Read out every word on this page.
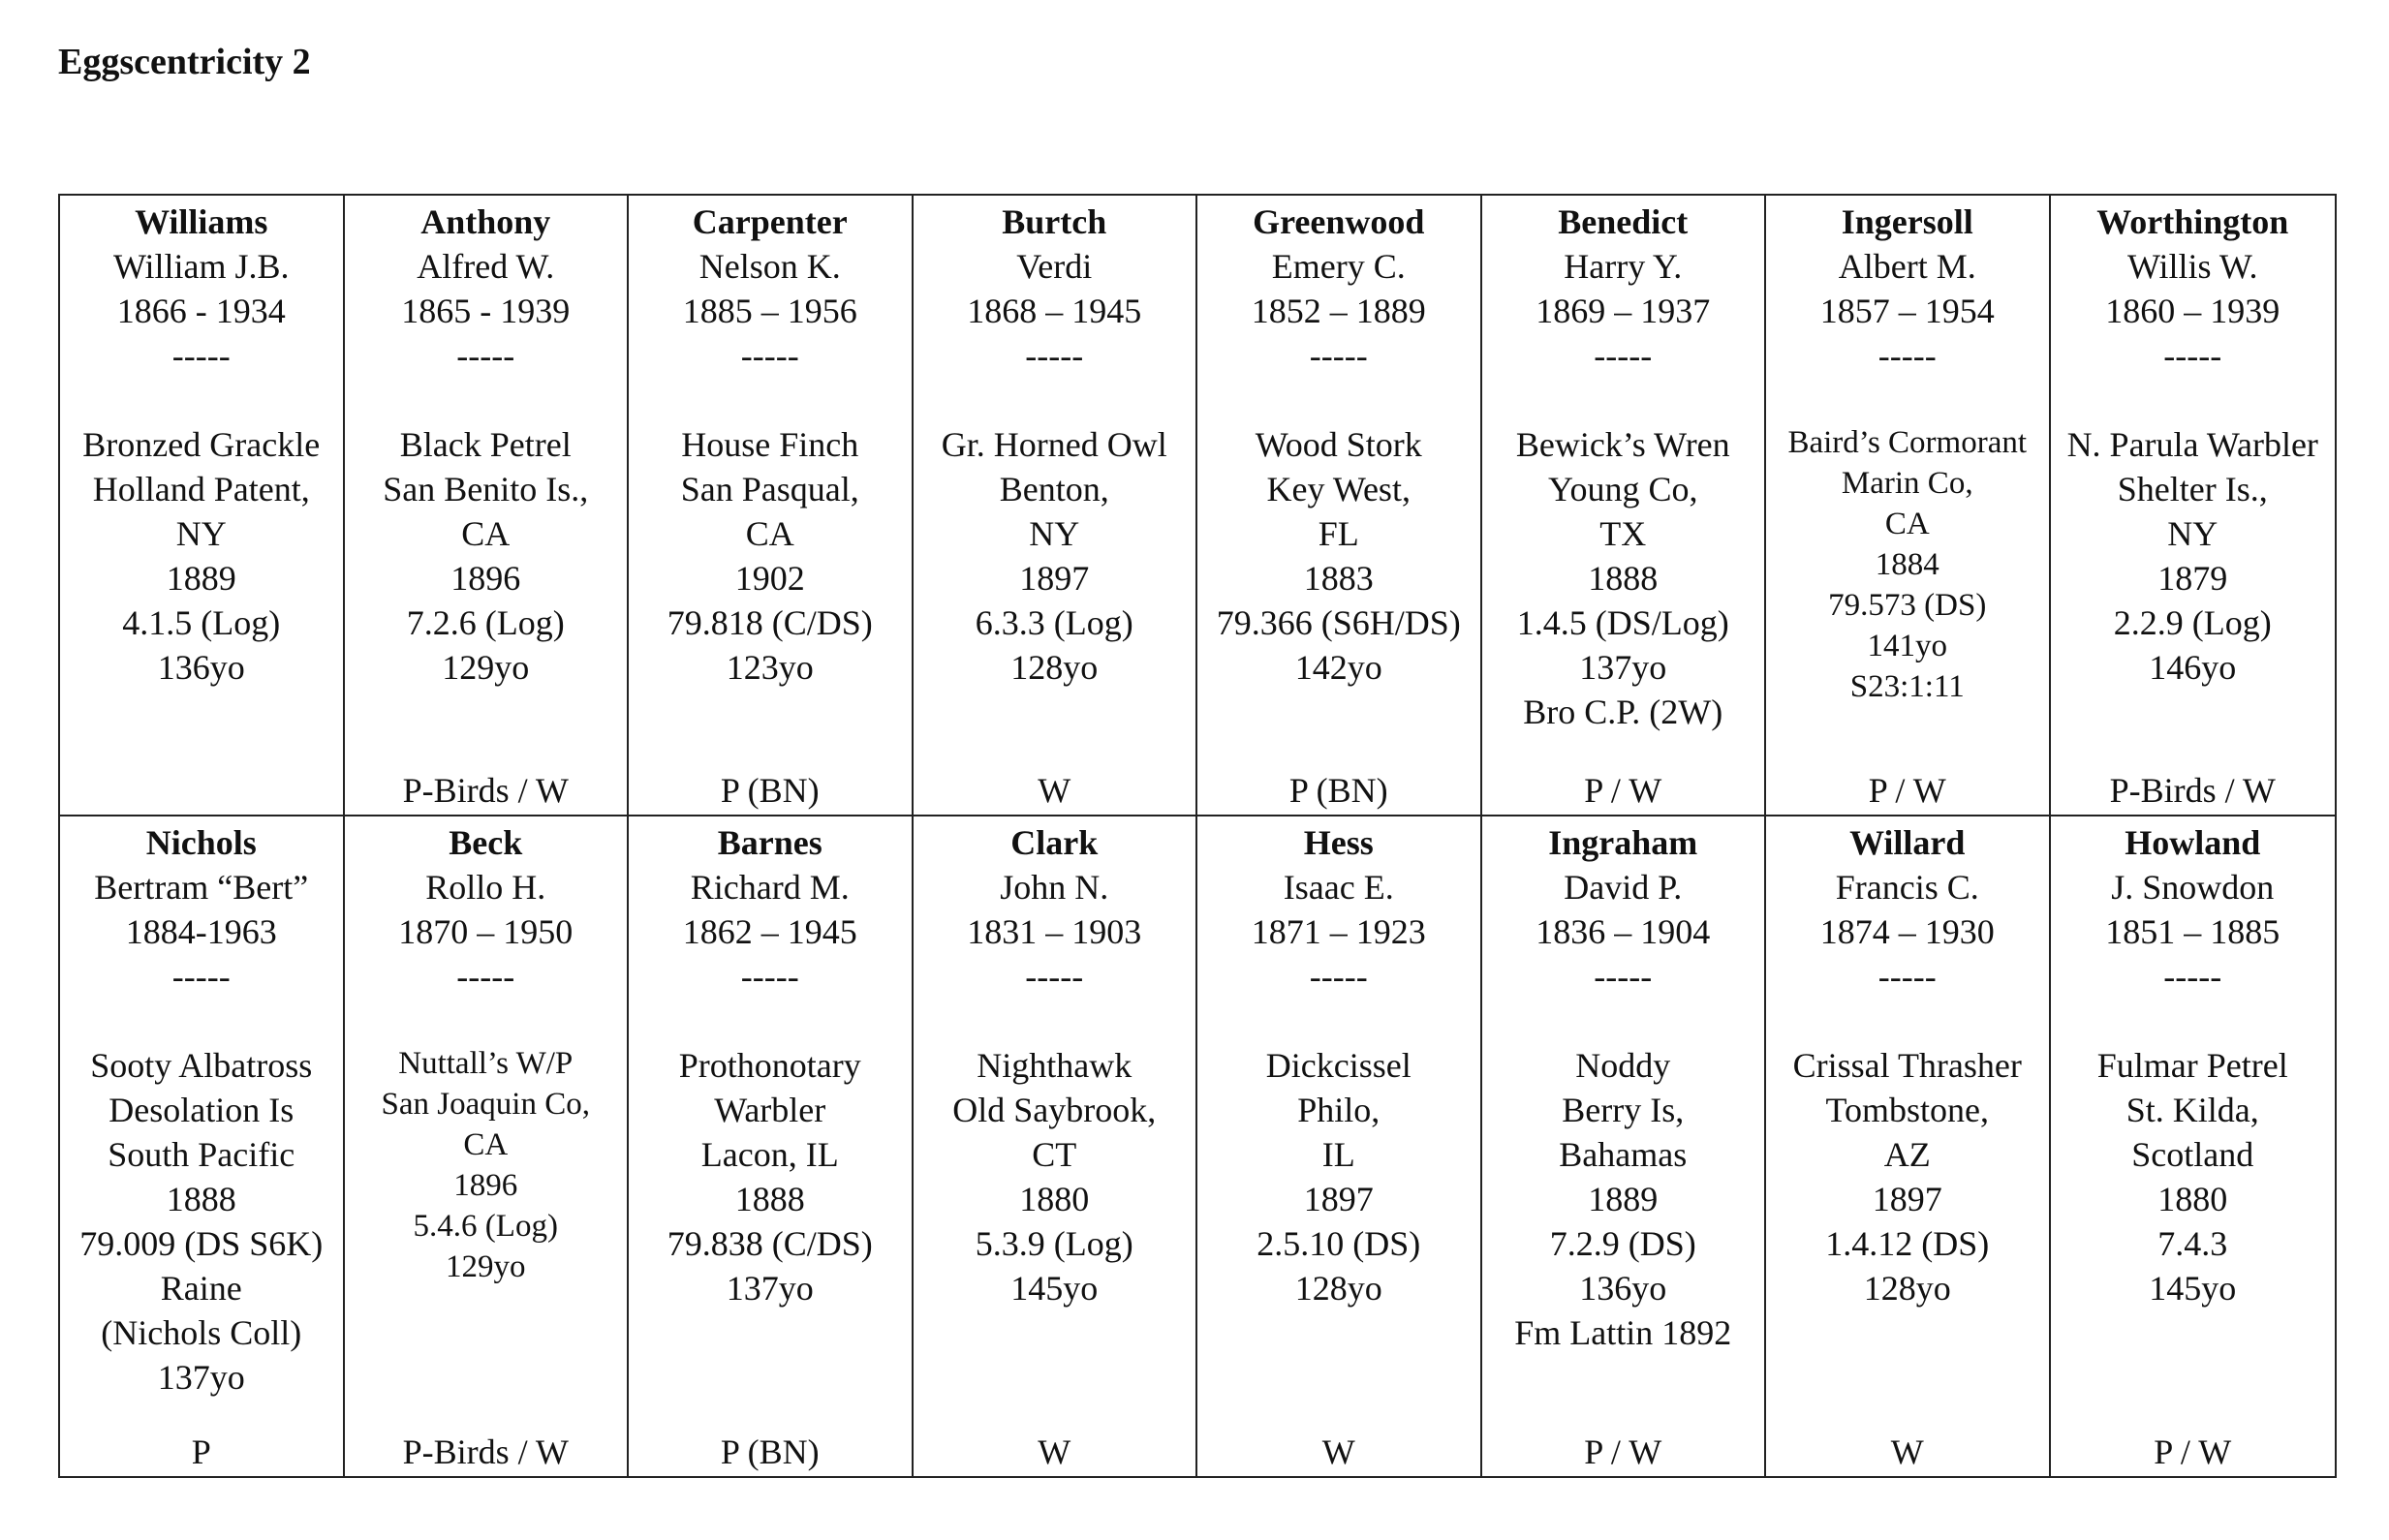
Eggscentricity 2
Williams
William J.B.
1866 - 1934
-----
Bronzed Grackle
Holland Patent,
NY
1889
4.1.5 (Log)
136yo
Anthony
Alfred W.
1865 - 1939
-----
Black Petrel
San Benito Is.,
CA
1896
7.2.6 (Log)
129yo
P-Birds / W
Carpenter
Nelson K.
1885 – 1956
-----
House Finch
San Pasqual,
CA
1902
79.818 (C/DS)
123yo
P (BN)
Burtch
Verdi
1868 – 1945
-----
Gr. Horned Owl
Benton,
NY
1897
6.3.3 (Log)
128yo
W
Greenwood
Emery C.
1852 – 1889
-----
Wood Stork
Key West,
FL
1883
79.366 (S6H/DS)
142yo
P (BN)
Benedict
Harry Y.
1869 – 1937
-----
Bewick’s Wren
Young Co,
TX
1888
1.4.5 (DS/Log)
137yo
Bro C.P. (2W)
P / W
Ingersoll
Albert M.
1857 – 1954
-----
Baird’s Cormorant
Marin Co,
CA
1884
79.573 (DS)
141yo
S23:1:11
P / W
Worthington
Willis W.
1860 – 1939
-----
N. Parula Warbler
Shelter Is.,
NY
1879
2.2.9 (Log)
146yo
P-Birds / W
Nichols
Bertram “Bert”
1884-1963
-----
Sooty Albatross
Desolation Is
South Pacific
1888
79.009 (DS S6K)
Raine
(Nichols Coll)
137yo
P
Beck
Rollo H.
1870 – 1950
-----
Nuttall’s W/P
San Joaquin Co,
CA
1896
5.4.6 (Log)
129yo
P-Birds / W
Barnes
Richard M.
1862 – 1945
-----
Prothonotary
Warbler
Lacon, IL
1888
79.838 (C/DS)
137yo
P (BN)
Clark
John N.
1831 – 1903
-----
Nighthawk
Old Saybrook,
CT
1880
5.3.9 (Log)
145yo
W
Hess
Isaac E.
1871 – 1923
-----
Dickcissel
Philo,
IL
1897
2.5.10 (DS)
128yo
W
Ingraham
David P.
1836 – 1904
-----
Noddy
Berry Is,
Bahamas
1889
7.2.9 (DS)
136yo
Fm Lattin 1892
P / W
Willard
Francis C.
1874 – 1930
-----
Crissal Thrasher
Tombstone,
AZ
1897
1.4.12 (DS)
128yo
W
Howland
J. Snowdon
1851 – 1885
-----
Fulmar Petrel
St. Kilda,
Scotland
1880
7.4.3
145yo
P / W
